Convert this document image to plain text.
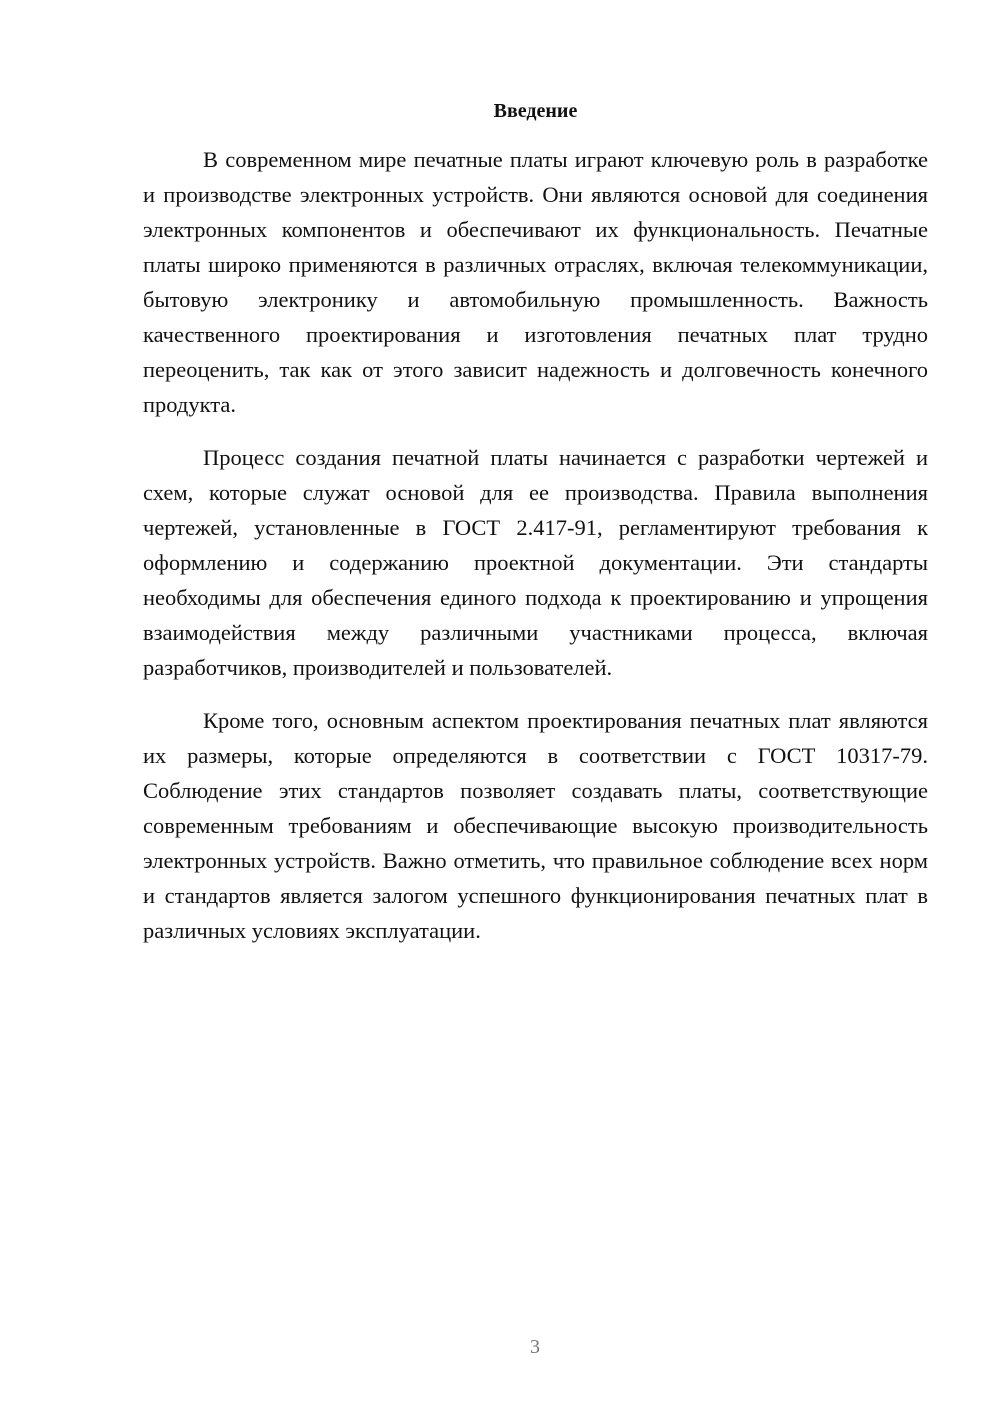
Введение

В современном мире печатные платы играют ключевую роль в разработке и производстве электронных устройств. Они являются основой для соединения электронных компонентов и обеспечивают их функциональность. Печатные платы широко применяются в различных отраслях, включая телекоммуникации, бытовую электронику и автомобильную промышленность. Важность качественного проектирования и изготовления печатных плат трудно переоценить, так как от этого зависит надежность и долговечность конечного продукта.

Процесс создания печатной платы начинается с разработки чертежей и схем, которые служат основой для ее производства. Правила выполнения чертежей, установленные в ГОСТ 2.417-91, регламентируют требования к оформлению и содержанию проектной документации. Эти стандарты необходимы для обеспечения единого подхода к проектированию и упрощения взаимодействия между различными участниками процесса, включая разработчиков, производителей и пользователей.

Кроме того, основным аспектом проектирования печатных плат являются их размеры, которые определяются в соответствии с ГОСТ 10317-79. Соблюдение этих стандартов позволяет создавать платы, соответствующие современным требованиям и обеспечивающие высокую производительность электронных устройств. Важно отметить, что правильное соблюдение всех норм и стандартов является залогом успешного функционирования печатных плат в различных условиях эксплуатации.

3
